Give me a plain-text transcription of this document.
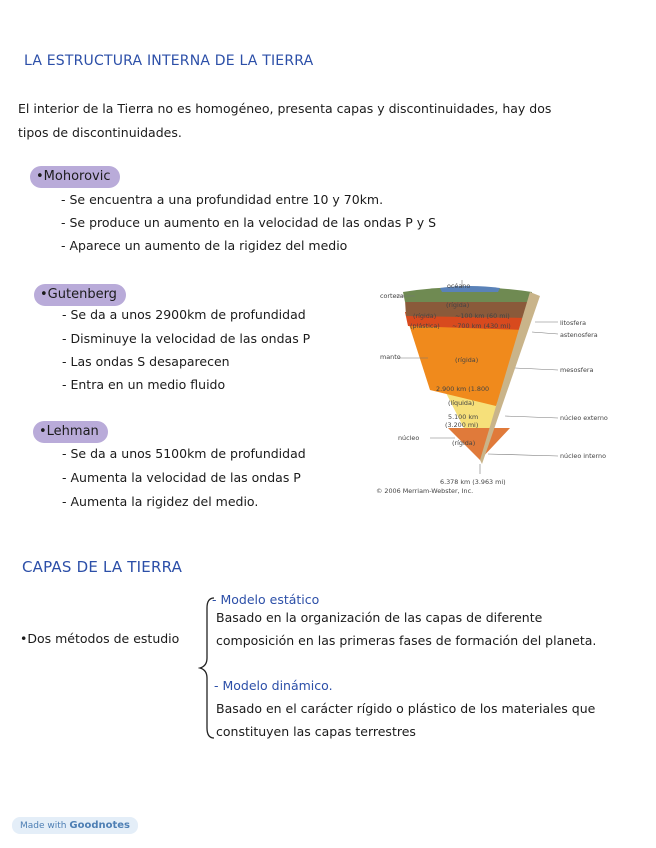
LA ESTRUCTURA INTERNA DE LA TIERRA
El interior de la Tierra no es homogéneo, presenta capas y discontinuidades, hay dos
tipos de discontinuidades.
•Mohorovic
- Se encuentra a una profundidad entre 10 y 70km.
- Se produce un aumento en la velocidad de las ondas P y S
- Aparece un aumento de la rigidez del medio
•Gutenberg
- Se da a unos 2900km de profundidad
- Disminuye la velocidad de las ondas P
- Las ondas S desaparecen
- Entra en un medio fluido
•Lehman
- Se da a unos 5100km de profundidad
- Aumenta la velocidad de las ondas P
- Aumenta la rigidez del medio.
océano
corteza
(rígida)
(rígida)	~100 km (60 mi)
(plástica) ~700 km (430 mi)	litosfera
astenosfera
manto	(rígida)
mesosfera
2.900 km (1.800
(líquida)
5.100 km
(3.200 mi)
núcleo externo
núcleo
(rígida)
núcleo interno
6.378 km (3.963 mi)
© 2006 Merriam-Webster, Inc.
CAPAS DE LA TIERRA
•Dos métodos de estudio
- Modelo estático
Basado en la organización de las capas de diferente
composición en las primeras fases de formación del planeta.
- Modelo dinámico.
Basado en el carácter rígido o plástico de los materiales que
constituyen las capas terrestres
Made with Goodnotes
